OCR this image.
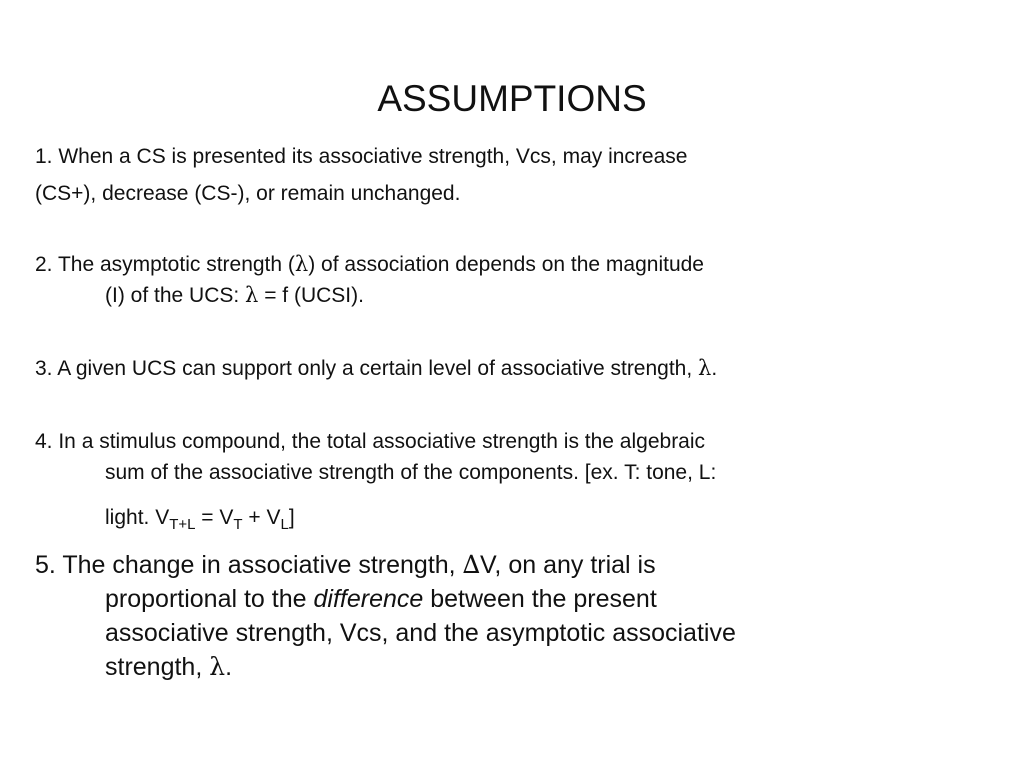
ASSUMPTIONS
1. When a CS is presented its associative strength, Vcs, may increase
(CS+), decrease (CS-), or remain unchanged.
2. The asymptotic strength (λ) of association depends on the magnitude
(I) of the UCS: λ = f (UCSI).
3. A given UCS can support only a certain level of associative strength, λ.
4. In a stimulus compound, the total associative strength is the algebraic
sum of the associative strength of the components. [ex. T: tone, L:
light. $V_{T+L} = V_T + V_L$]
5. The change in associative strength, ∆V, on any trial is
proportional to the difference between the present
associative strength, Vcs, and the asymptotic associative
strength, λ.
